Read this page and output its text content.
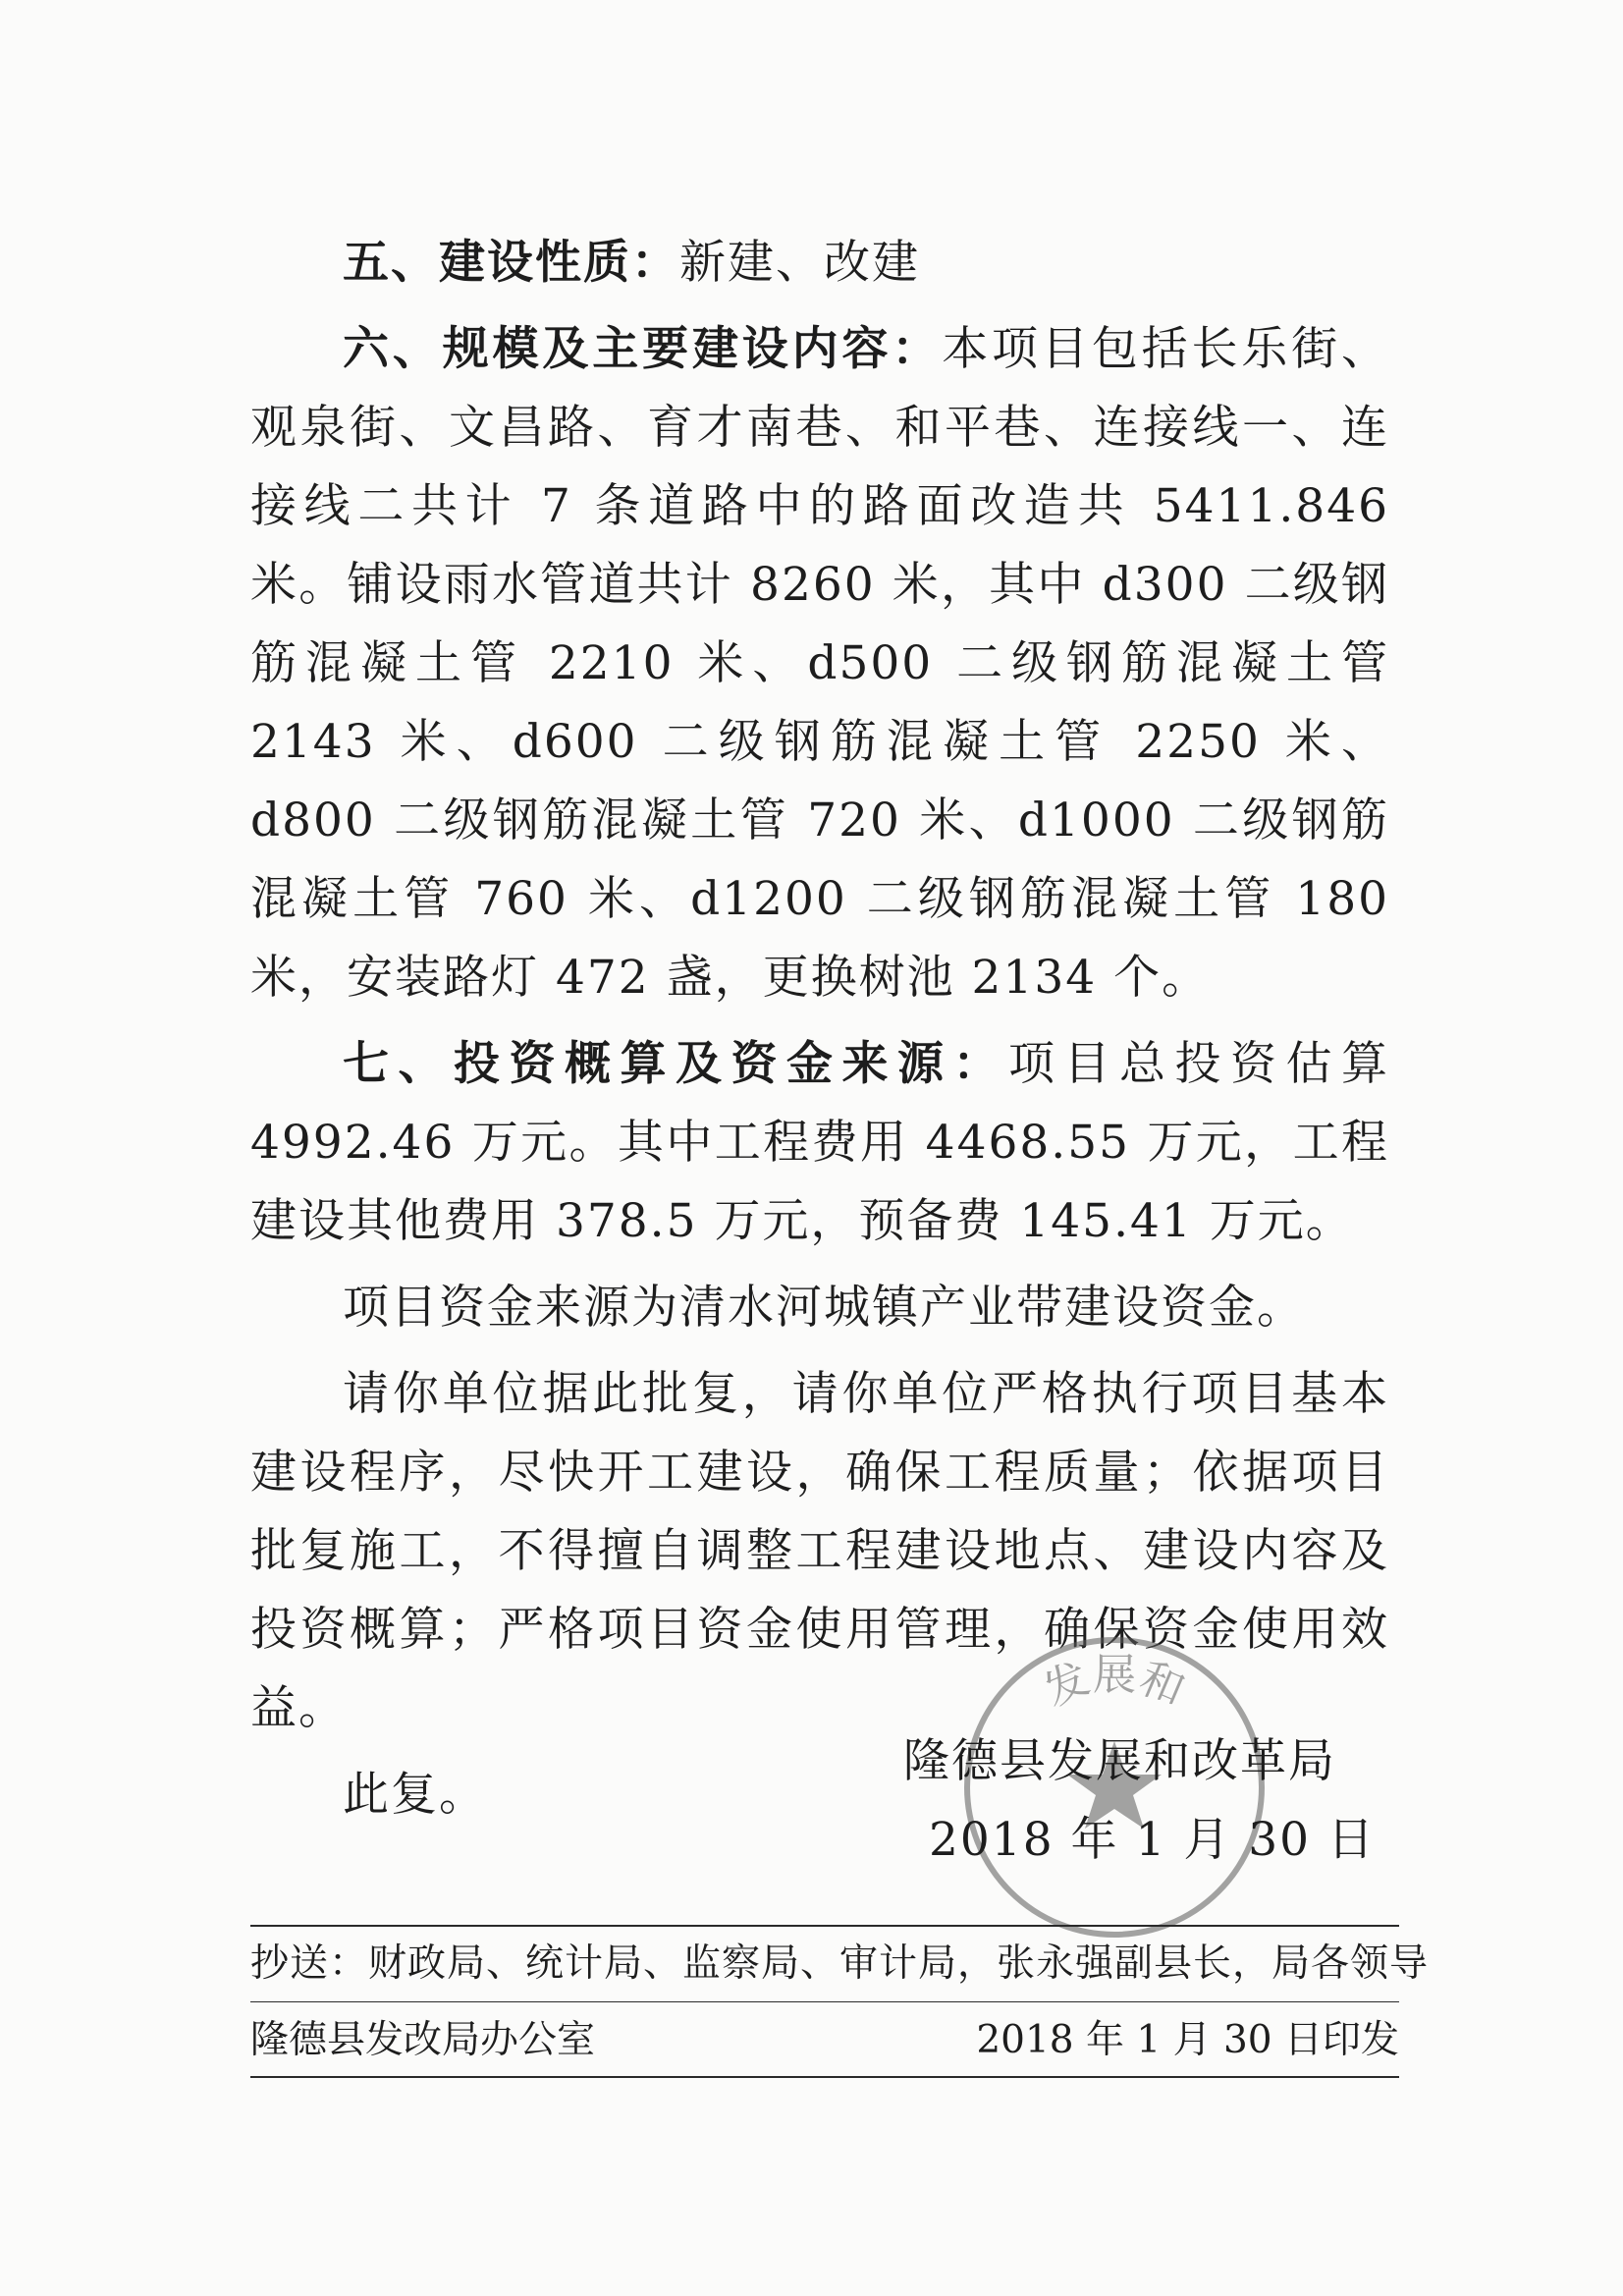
五、建设性质：新建、改建

六、规模及主要建设内容：本项目包括长乐街、观泉街、文昌路、育才南巷、和平巷、连接线一、连接线二共计 7 条道路中的路面改造共 5411.846 米。铺设雨水管道共计 8260 米，其中 d300 二级钢筋混凝土管 2210 米、d500 二级钢筋混凝土管 2143 米、d600 二级钢筋混凝土管 2250 米、d800 二级钢筋混凝土管 720 米、d1000 二级钢筋混凝土管 760 米、d1200 二级钢筋混凝土管 180 米，安装路灯 472 盏，更换树池 2134 个。

七、投资概算及资金来源：项目总投资估算 4992.46 万元。其中工程费用 4468.55 万元，工程建设其他费用 378.5 万元，预备费 145.41 万元。

项目资金来源为清水河城镇产业带建设资金。

请你单位据此批复，请你单位严格执行项目基本建设程序，尽快开工建设，确保工程质量；依据项目批复施工，不得擅自调整工程建设地点、建设内容及投资概算；严格项目资金使用管理，确保资金使用效益。

此复。

发展和

隆德县发展和改革局

2018 年 1 月 30 日

抄送：财政局、统计局、监察局、审计局，张永强副县长，局各领导
隆德县发改局办公室	2018 年 1 月 30 日印发
